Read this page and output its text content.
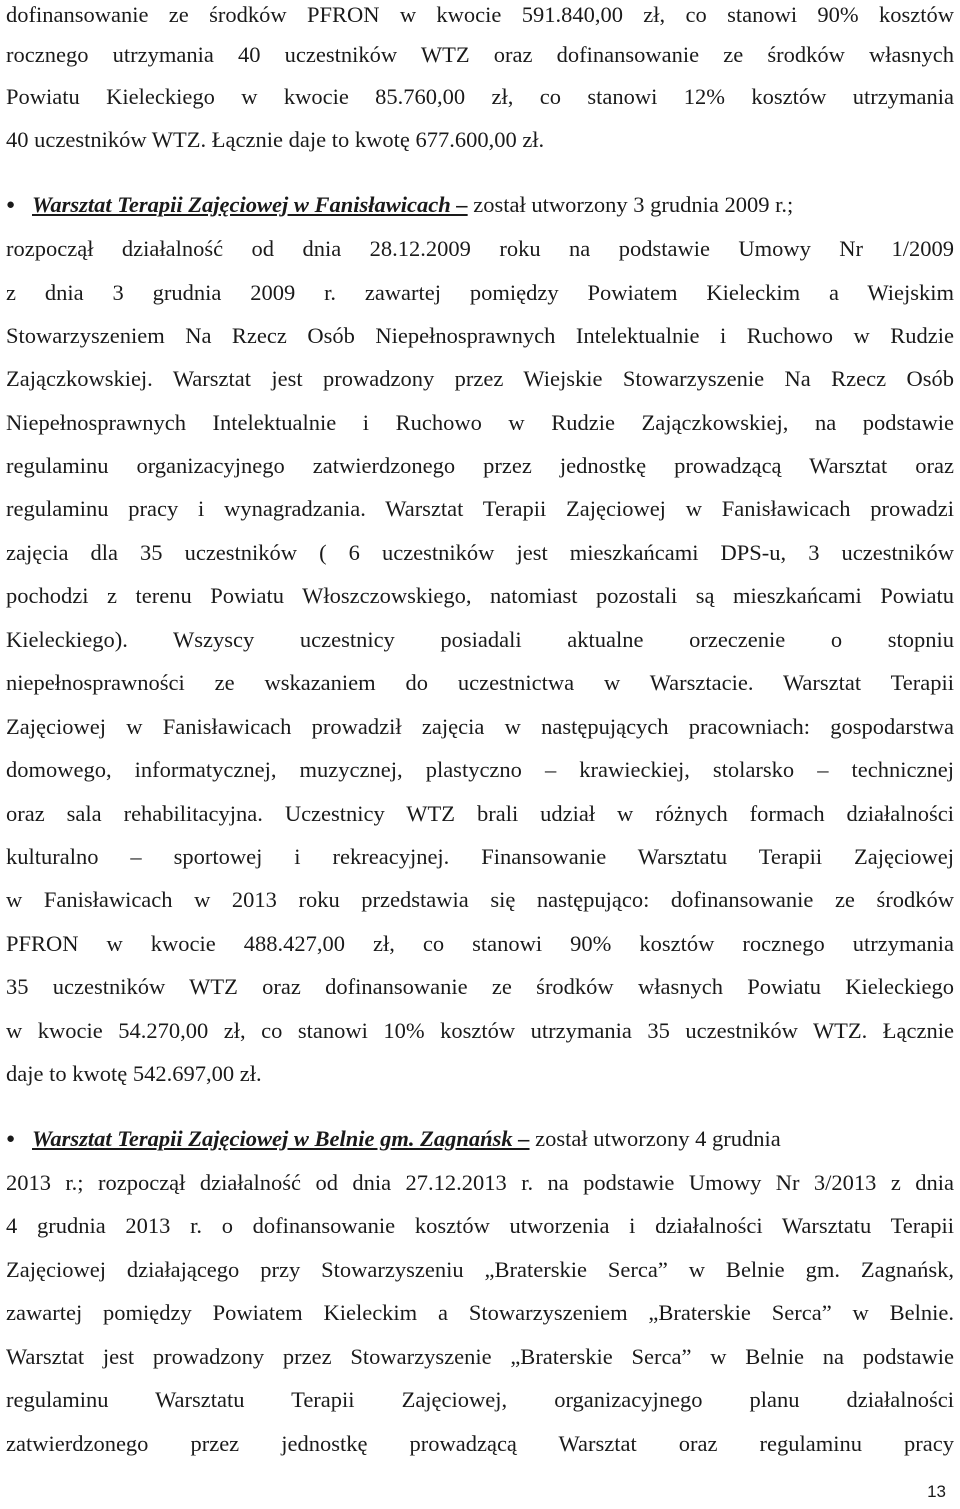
dofinansowanie ze środków PFRON w kwocie 591.840,00 zł, co stanowi 90% kosztów
rocznego utrzymania 40 uczestników WTZ oraz dofinansowanie ze środków własnych
Powiatu Kieleckiego w kwocie 85.760,00 zł, co stanowi 12% kosztów utrzymania
40 uczestników WTZ. Łącznie daje to kwotę 677.600,00 zł.
● Warsztat Terapii Zajęciowej w Fanisławicach – został utworzony 3 grudnia 2009 r.;
rozpoczął działalność od dnia 28.12.2009 roku na podstawie Umowy Nr 1/2009
z dnia 3 grudnia 2009 r. zawartej pomiędzy Powiatem Kieleckim a Wiejskim
Stowarzyszeniem Na Rzecz Osób Niepełnosprawnych Intelektualnie i Ruchowo w Rudzie
Zajączkowskiej. Warsztat jest prowadzony przez Wiejskie Stowarzyszenie Na Rzecz Osób
Niepełnosprawnych Intelektualnie i Ruchowo w Rudzie Zajączkowskiej, na podstawie
regulaminu organizacyjnego zatwierdzonego przez jednostkę prowadzącą Warsztat oraz
regulaminu pracy i wynagradzania. Warsztat Terapii Zajęciowej w Fanisławicach prowadzi
zajęcia dla 35 uczestników ( 6 uczestników jest mieszkańcami DPS-u, 3 uczestników
pochodzi z terenu Powiatu Włoszczowskiego, natomiast pozostali są mieszkańcami Powiatu
Kieleckiego). Wszyscy uczestnicy posiadali aktualne orzeczenie o stopniu
niepełnosprawności ze wskazaniem do uczestnictwa w Warsztacie. Warsztat Terapii
Zajęciowej w Fanisławicach prowadził zajęcia w następujących pracowniach: gospodarstwa
domowego, informatycznej, muzycznej, plastyczno – krawieckiej, stolarsko – technicznej
oraz sala rehabilitacyjna. Uczestnicy WTZ brali udział w różnych formach działalności
kulturalno – sportowej i rekreacyjnej. Finansowanie Warsztatu Terapii Zajęciowej
w Fanisławicach w 2013 roku przedstawia się następująco: dofinansowanie ze środków
PFRON w kwocie 488.427,00 zł, co stanowi 90% kosztów rocznego utrzymania
35 uczestników WTZ oraz dofinansowanie ze środków własnych Powiatu Kieleckiego
w kwocie 54.270,00 zł, co stanowi 10% kosztów utrzymania 35 uczestników WTZ. Łącznie
daje to kwotę 542.697,00 zł.
● Warsztat Terapii Zajęciowej w Belnie gm. Zagnańsk – został utworzony 4 grudnia
2013 r.; rozpoczął działalność od dnia 27.12.2013 r. na podstawie Umowy Nr 3/2013 z dnia
4 grudnia 2013 r. o dofinansowanie kosztów utworzenia i działalności Warsztatu Terapii
Zajęciowej działającego przy Stowarzyszeniu „Braterskie Serca” w Belnie gm. Zagnańsk,
zawartej pomiędzy Powiatem Kieleckim a Stowarzyszeniem „Braterskie Serca” w Belnie.
Warsztat jest prowadzony przez Stowarzyszenie „Braterskie Serca” w Belnie na podstawie
regulaminu Warsztatu Terapii Zajęciowej, organizacyjnego planu działalności
zatwierdzonego przez jednostkę prowadzącą Warsztat oraz regulaminu pracy
13
